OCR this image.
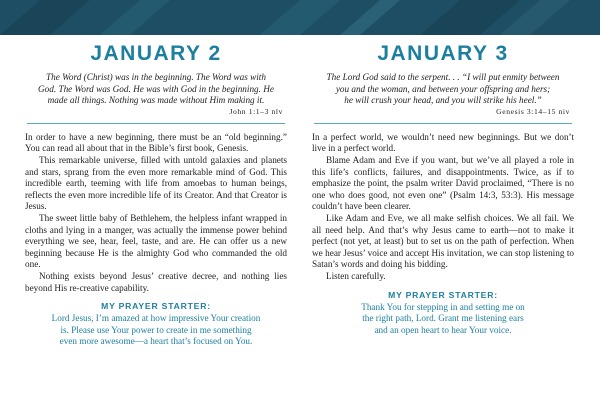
JANUARY 2

The Word (Christ) was in the beginning. The Word was with
God. The Word was God. He was with God in the beginning. He
made all things. Nothing was made without Him making it.

John 1:1–3 nlv

In order to have a new beginning, there must be an “old beginning.” You can read all about that in the Bible’s first book, Genesis.

This remarkable universe, filled with untold galaxies and planets and stars, sprang from the even more remarkable mind of God. This incredible earth, teeming with life from amoebas to human beings, reflects the even more incredible life of its Creator. And that Creator is Jesus.

The sweet little baby of Bethlehem, the helpless infant wrapped in cloths and lying in a manger, was actually the immense power behind everything we see, hear, feel, taste, and are. He can offer us a new beginning because He is the almighty God who commanded the old one.

Nothing exists beyond Jesus’ creative decree, and nothing lies beyond His re-creative capability.

MY PRAYER STARTER:

Lord Jesus, I’m amazed at how impressive Your creation
is. Please use Your power to create in me something
even more awesome—a heart that’s focused on You.

JANUARY 3

The Lord God said to the serpent. . . “I will put enmity between
you and the woman, and between your offspring and hers;
he will crush your head, and you will strike his heel.”

Genesis 3:14–15 niv

In a perfect world, we wouldn’t need new beginnings. But we don’t live in a perfect world.

Blame Adam and Eve if you want, but we’ve all played a role in this life’s conflicts, failures, and disappointments. Twice, as if to emphasize the point, the psalm writer David proclaimed, “There is no one who does good, not even one” (Psalm 14:3, 53:3). His message couldn’t have been clearer.

Like Adam and Eve, we all make selfish choices. We all fail. We all need help. And that’s why Jesus came to earth—not to make it perfect (not yet, at least) but to set us on the path of perfection. When we hear Jesus’ voice and accept His invitation, we can stop listening to Satan’s words and doing his bidding.

Listen carefully.

MY PRAYER STARTER:

Thank You for stepping in and setting me on
the right path, Lord. Grant me listening ears
and an open heart to hear Your voice.
